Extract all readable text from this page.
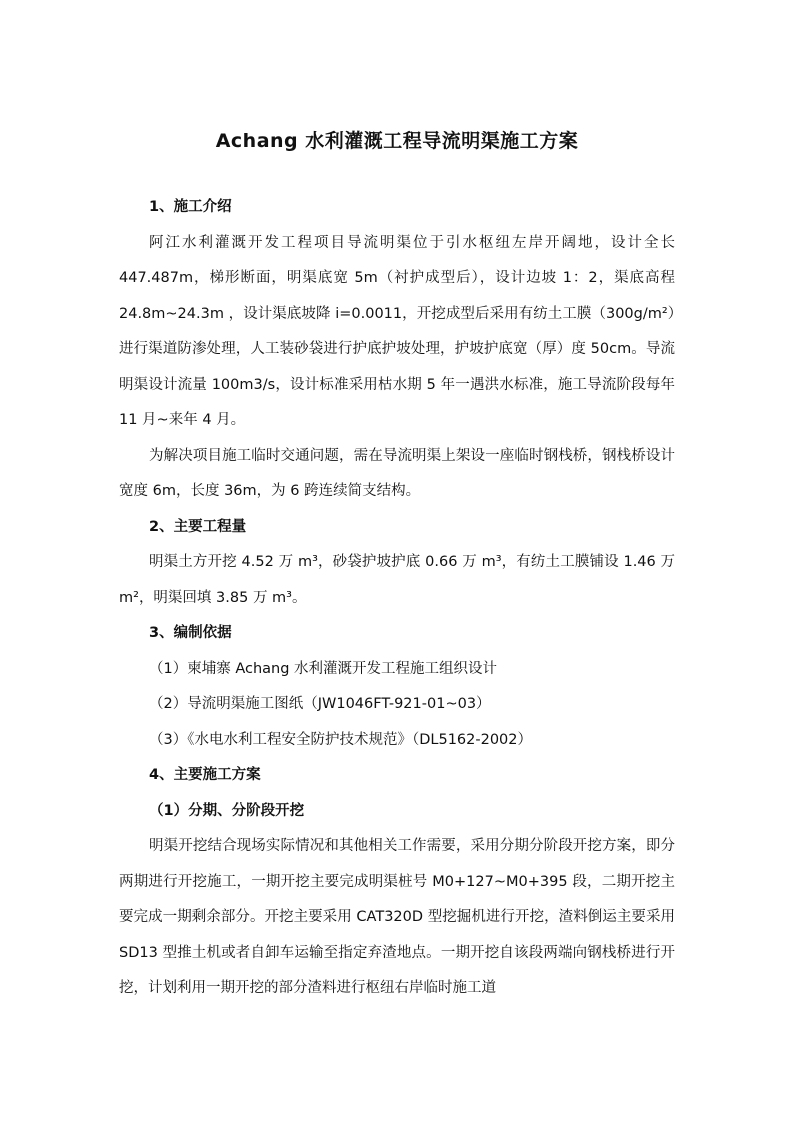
Achang 水利灌溉工程导流明渠施工方案

1、施工介绍

阿江水利灌溉开发工程项目导流明渠位于引水枢纽左岸开阔地，设计全长447.487m，梯形断面，明渠底宽 5m（衬护成型后），设计边坡 1：2，渠底高程24.8m~24.3m ，设计渠底坡降 i=0.0011，开挖成型后采用有纺土工膜（300g/m²）进行渠道防渗处理，人工装砂袋进行护底护坡处理，护坡护底宽（厚）度 50cm。导流明渠设计流量 100m3/s，设计标准采用枯水期 5 年一遇洪水标准，施工导流阶段每年 11 月~来年 4 月。

为解决项目施工临时交通问题，需在导流明渠上架设一座临时钢栈桥，钢栈桥设计宽度 6m，长度 36m，为 6 跨连续简支结构。

2、主要工程量

明渠土方开挖 4.52 万 m³，砂袋护坡护底 0.66 万 m³，有纺土工膜铺设 1.46 万 m²，明渠回填 3.85 万 m³。

3、编制依据

（1）柬埔寨 Achang 水利灌溉开发工程施工组织设计

（2）导流明渠施工图纸（JW1046FT-921-01~03）

（3）《水电水利工程安全防护技术规范》（DL5162-2002）

4、主要施工方案

（1）分期、分阶段开挖

明渠开挖结合现场实际情况和其他相关工作需要，采用分期分阶段开挖方案，即分两期进行开挖施工，一期开挖主要完成明渠桩号 M0+127~M0+395 段，二期开挖主要完成一期剩余部分。开挖主要采用 CAT320D 型挖掘机进行开挖，渣料倒运主要采用 SD13 型推土机或者自卸车运输至指定弃渣地点。一期开挖自该段两端向钢栈桥进行开挖，计划利用一期开挖的部分渣料进行枢纽右岸临时施工道
